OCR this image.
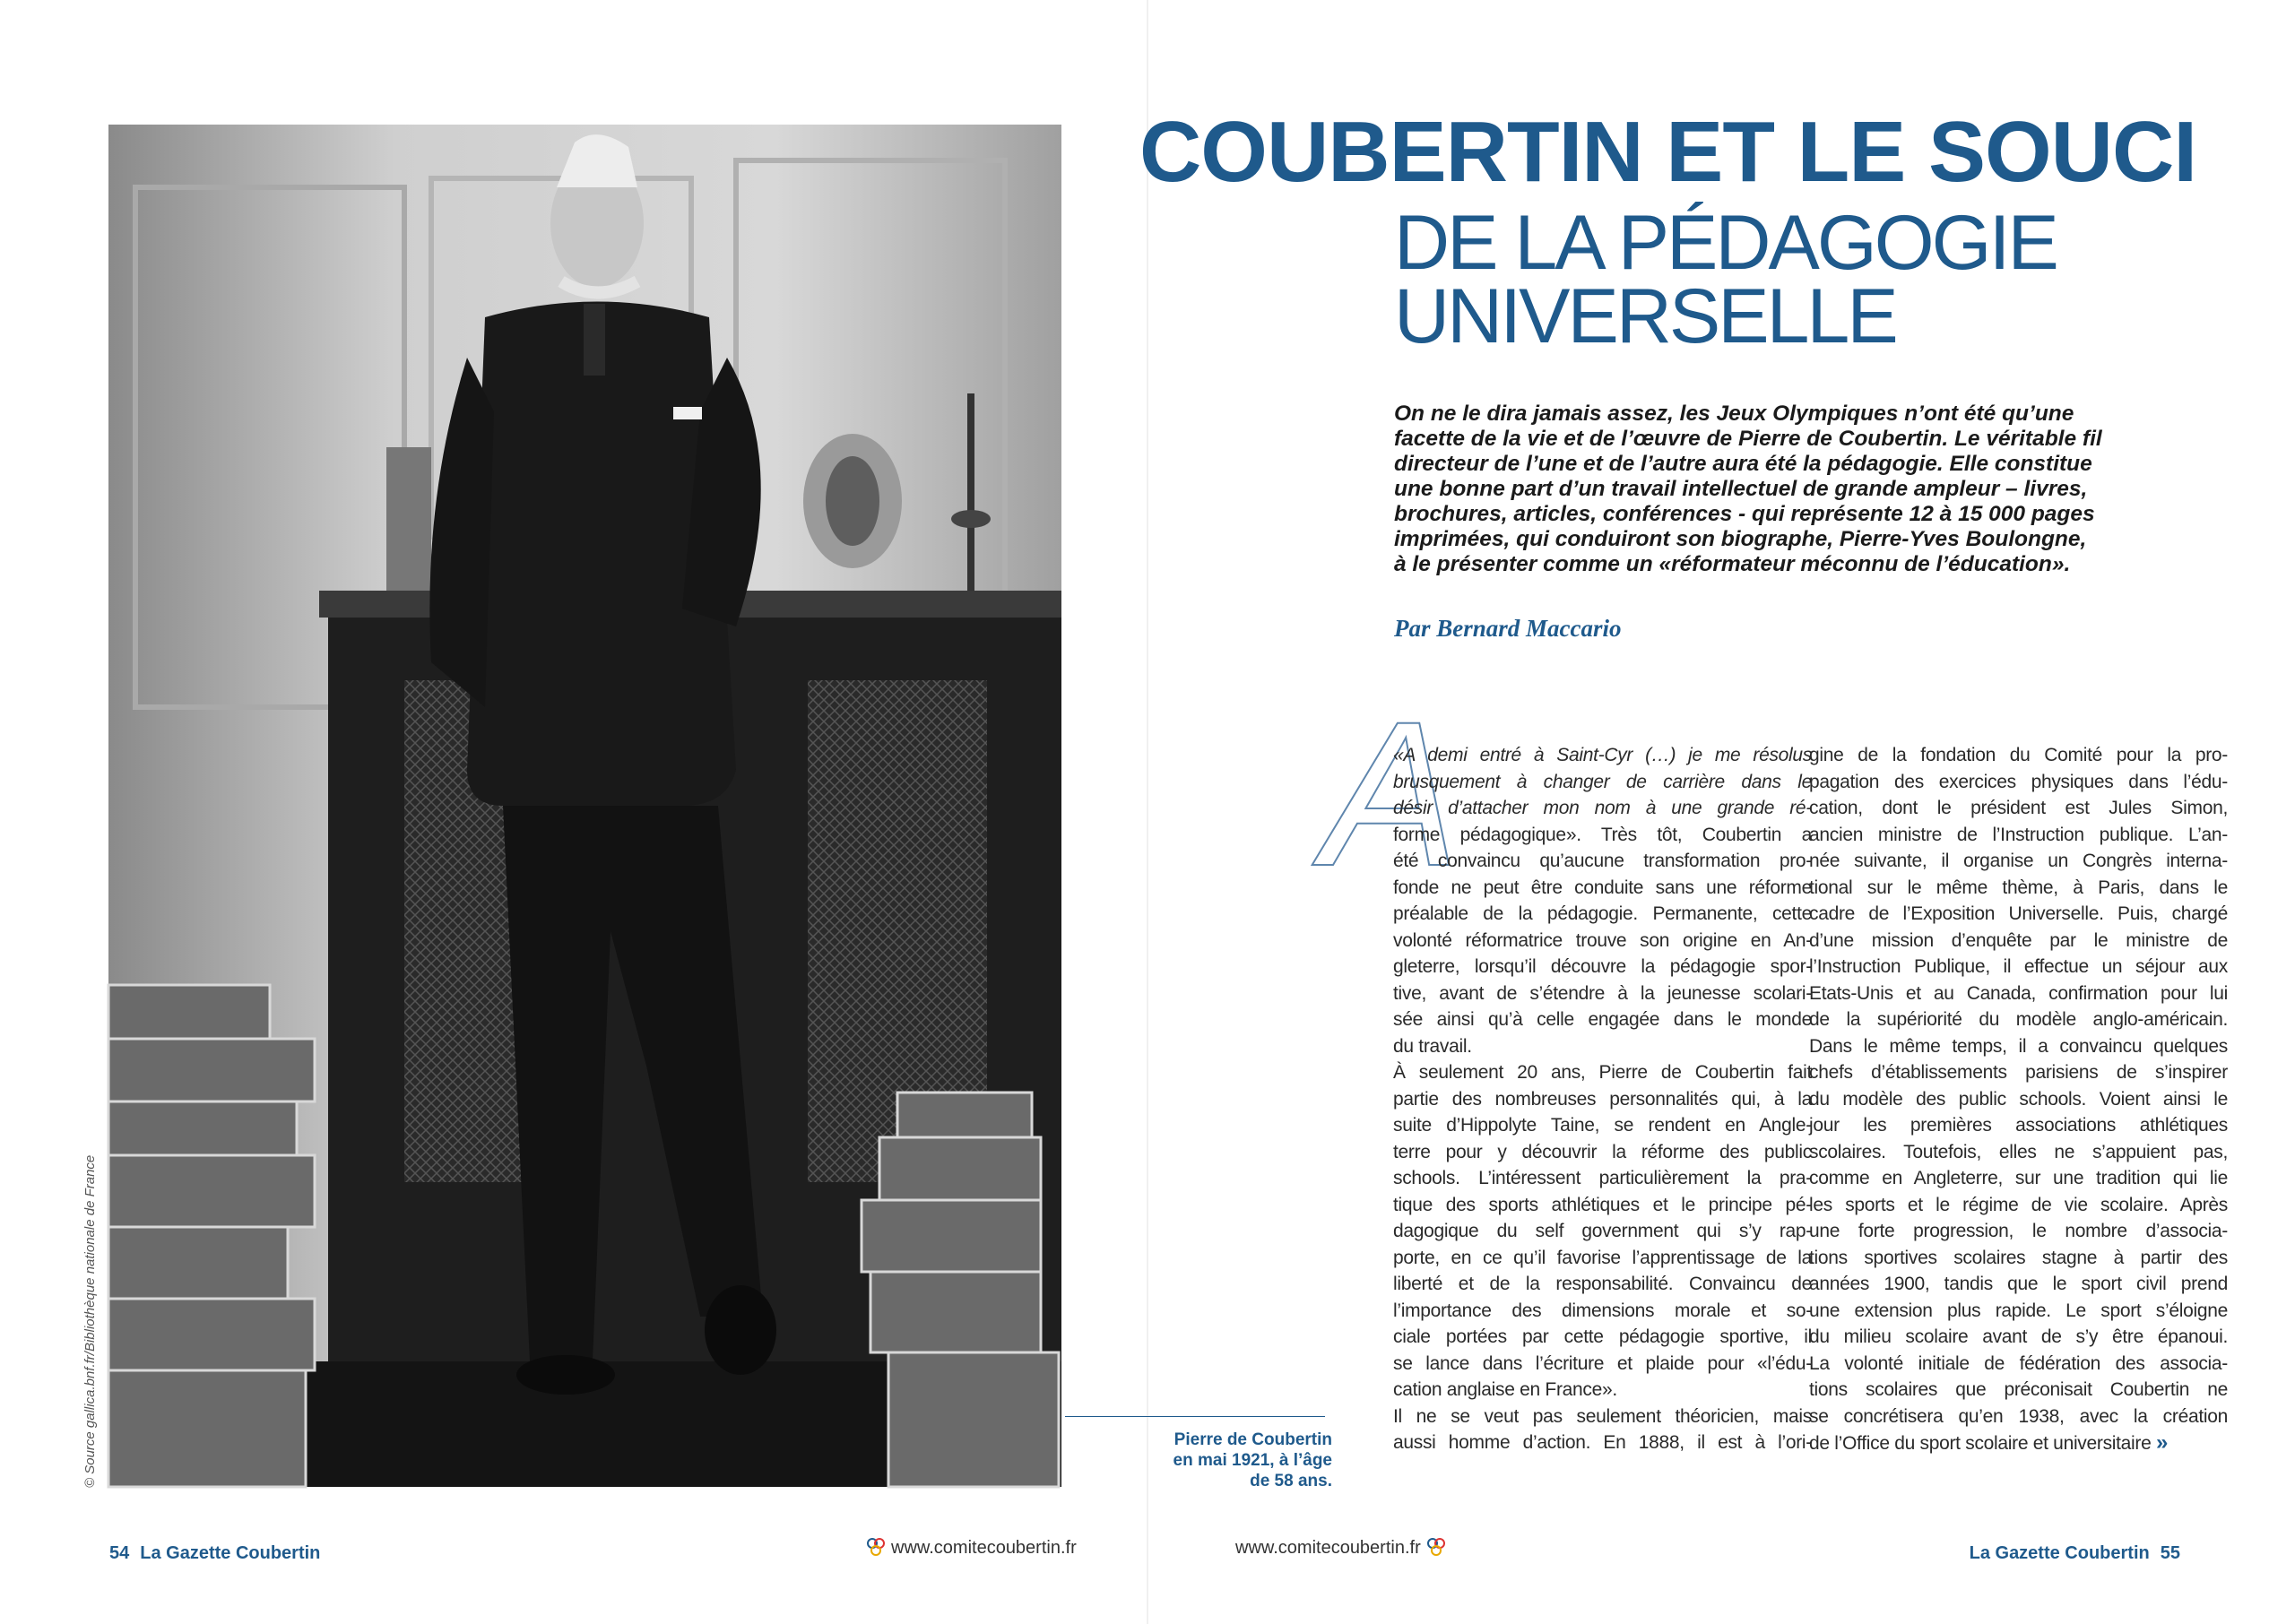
© Source gallica.bnf.fr/Bibliothèque nationale de France	Pierre de Coubertin
en mai 1921, à l’âge
de 58 ans.
COUBERTIN ET LE SOUCI
DE LA PÉDAGOGIE
UNIVERSELLE
On ne le dira jamais assez, les Jeux Olympiques n’ont été qu’une
facette de la vie et de l’œuvre de Pierre de Coubertin. Le véritable fil
directeur de l’une et de l’autre aura été la pédagogie. Elle constitue
une bonne part d’un travail intellectuel de grande ampleur – livres,
brochures, articles, conférences - qui représente 12 à 15 000 pages
imprimées, qui conduiront son biographe, Pierre-Yves Boulongne,
à le présenter comme un «réformateur méconnu de l’éducation».
Par Bernard Maccario
A
«A demi entré à Saint-Cyr (…) je me résolus
brusquement à changer de carrière dans le
désir d’attacher mon nom à une grande ré-
forme pédagogique». Très tôt, Coubertin a
été convaincu qu’aucune transformation pro-
fonde ne peut être conduite sans une réforme
préalable de la pédagogie. Permanente, cette
volonté réformatrice trouve son origine en An-
gleterre, lorsqu’il découvre la pédagogie spor-
tive, avant de s’étendre à la jeunesse scolari-
sée ainsi qu’à celle engagée dans le monde
du travail.
À seulement 20 ans, Pierre de Coubertin fait
partie des nombreuses personnalités qui, à la
suite d’Hippolyte Taine, se rendent en Angle-
terre pour y découvrir la réforme des public
schools. L’intéressent particulièrement la pra-
tique des sports athlétiques et le principe pé-
dagogique du self government qui s’y rap-
porte, en ce qu’il favorise l’apprentissage de la
liberté et de la responsabilité. Convaincu de
l’importance des dimensions morale et so-
ciale portées par cette pédagogie sportive, il
se lance dans l’écriture et plaide pour «l’édu-
cation anglaise en France».
Il ne se veut pas seulement théoricien, mais
aussi homme d’action. En 1888, il est à l’ori-
gine de la fondation du Comité pour la pro-
pagation des exercices physiques dans l’édu-
cation, dont le président est Jules Simon,
ancien ministre de l’Instruction publique. L’an-
née suivante, il organise un Congrès interna-
tional sur le même thème, à Paris, dans le
cadre de l’Exposition Universelle. Puis, chargé
d’une mission d’enquête par le ministre de
l’Instruction Publique, il effectue un séjour aux
Etats-Unis et au Canada, confirmation pour lui
de la supériorité du modèle anglo-américain.
Dans le même temps, il a convaincu quelques
chefs d’établissements parisiens de s’inspirer
du modèle des public schools. Voient ainsi le
jour les premières associations athlétiques
scolaires. Toutefois, elles ne s’appuient pas,
comme en Angleterre, sur une tradition qui lie
les sports et le régime de vie scolaire. Après
une forte progression, le nombre d’associa-
tions sportives scolaires stagne à partir des
années 1900, tandis que le sport civil prend
une extension plus rapide. Le sport s’éloigne
du milieu scolaire avant de s’y être épanoui.
La volonté initiale de fédération des associa-
tions scolaires que préconisait Coubertin ne
se concrétisera qu’en 1938, avec la création
de l’Office du sport scolaire et universitaire »
54 La Gazette Coubertin	www.comitecoubertin.fr	www.comitecoubertin.fr	La Gazette Coubertin 55
